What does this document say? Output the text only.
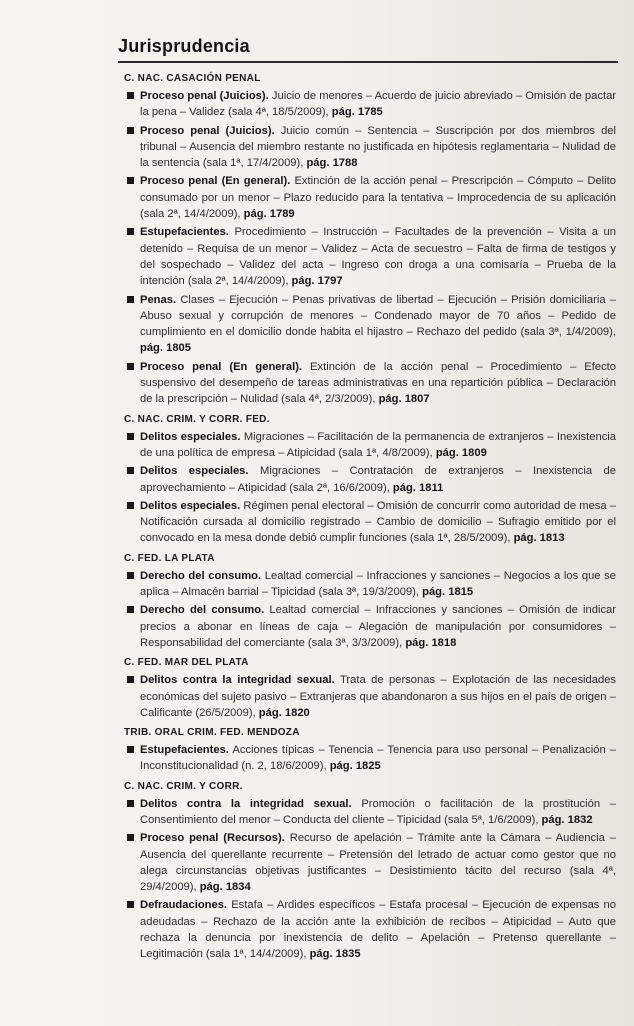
Jurisprudencia
C. NAC. CASACIÓN PENAL
Proceso penal (Juicios). Juicio de menores – Acuerdo de juicio abreviado – Omisión de pactar la pena – Validez (sala 4ª, 18/5/2009), pág. 1785
Proceso penal (Juicios). Juicio común – Sentencia – Suscripción por dos miembros del tribunal – Ausencia del miembro restante no justificada en hipótesis reglamentaria – Nulidad de la sentencia (sala 1ª, 17/4/2009), pág. 1788
Proceso penal (En general). Extinción de la acción penal – Prescripción – Cómputo – Delito consumado por un menor – Plazo reducido para la tentativa – Improcedencia de su aplicación (sala 2ª, 14/4/2009), pág. 1789
Estupefacientes. Procedimiento – Instrucción – Facultades de la prevención – Visita a un detenido – Requisa de un menor – Validez – Acta de secuestro – Falta de firma de testigos y del sospechado – Validez del acta – Ingreso con droga a una comisaría – Prueba de la intención (sala 2ª, 14/4/2009), pág. 1797
Penas. Clases – Ejecución – Penas privativas de libertad – Ejecución – Prisión domiciliaria – Abuso sexual y corrupción de menores – Condenado mayor de 70 años – Pedido de cumplimiento en el domicilio donde habita el hijastro – Rechazo del pedido (sala 3ª, 1/4/2009), pág. 1805
Proceso penal (En general). Extinción de la acción penal – Procedimiento – Efecto suspensivo del desempeño de tareas administrativas en una repartición pública – Declaración de la prescripción – Nulidad (sala 4ª, 2/3/2009), pág. 1807
C. NAC. CRIM. Y CORR. FED.
Delitos especiales. Migraciones – Facilitación de la permanencia de extranjeros – Inexistencia de una política de empresa – Atipicidad (sala 1ª, 4/8/2009), pág. 1809
Delitos especiales. Migraciones – Contratación de extranjeros – Inexistencia de aprovechamiento – Atipicidad (sala 2ª, 16/6/2009), pág. 1811
Delitos especiales. Régimen penal electoral – Omisión de concurrir como autoridad de mesa – Notificación cursada al domicilio registrado – Cambio de domicilio – Sufragio emitido por el convocado en la mesa donde debió cumplir funciones (sala 1ª, 28/5/2009), pág. 1813
C. FED. LA PLATA
Derecho del consumo. Lealtad comercial – Infracciones y sanciones – Negocios a los que se aplica – Almacén barrial – Tipicidad (sala 3ª, 19/3/2009), pág. 1815
Derecho del consumo. Lealtad comercial – Infracciones y sanciones – Omisión de indicar precios a abonar en líneas de caja – Alegación de manipulación por consumidores – Responsabilidad del comerciante (sala 3ª, 3/3/2009), pág. 1818
C. FED. MAR DEL PLATA
Delitos contra la integridad sexual. Trata de personas – Explotación de las necesidades económicas del sujeto pasivo – Extranjeras que abandonaron a sus hijos en el país de origen – Calificante (26/5/2009), pág. 1820
TRIB. ORAL CRIM. FED. MENDOZA
Estupefacientes. Acciones típicas – Tenencia – Tenencia para uso personal – Penalización – Inconstitucionalidad (n. 2, 18/6/2009), pág. 1825
C. NAC. CRIM. Y CORR.
Delitos contra la integridad sexual. Promoción o facilitación de la prostitución – Consentimiento del menor – Conducta del cliente – Tipicidad (sala 5ª, 1/6/2009), pág. 1832
Proceso penal (Recursos). Recurso de apelación – Trámite ante la Cámara – Audiencia – Ausencia del querellante recurrente – Pretensión del letrado de actuar como gestor que no alega circunstancias objetivas justificantes – Desistimiento tácito del recurso (sala 4ª, 29/4/2009), pág. 1834
Defraudaciones. Estafa – Ardides específicos – Estafa procesal – Ejecución de expensas no adeudadas – Rechazo de la acción ante la exhibición de recibos – Atipicidad – Auto que rechaza la denuncia por inexistencia de delito – Apelación – Pretenso querellante – Legitimación (sala 1ª, 14/4/2009), pág. 1835
